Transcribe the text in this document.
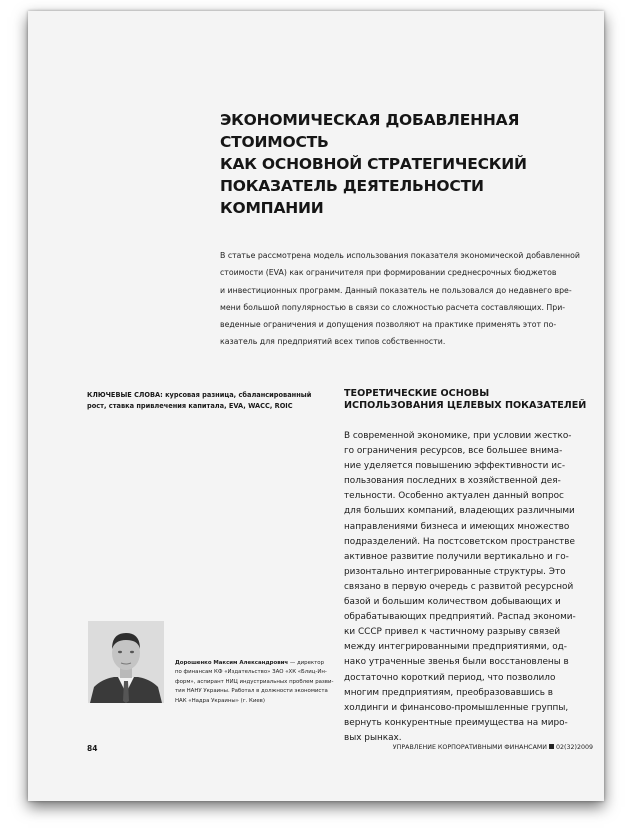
ЭКОНОМИЧЕСКАЯ ДОБАВЛЕННАЯ СТОИМОСТЬ
КАК ОСНОВНОЙ СТРАТЕГИЧЕСКИЙ
ПОКАЗАТЕЛЬ ДЕЯТЕЛЬНОСТИ КОМПАНИИ

В статье рассмотрена модель использования показателя экономической добавленной
стоимости (EVA) как ограничителя при формировании среднесрочных бюджетов
и инвестиционных программ. Данный показатель не пользовался до недавнего вре-
мени большой популярностью в связи со сложностью расчета составляющих. При-
веденные ограничения и допущения позволяют на практике применять этот по-
казатель для предприятий всех типов собственности.

КЛЮЧЕВЫЕ СЛОВА: курсовая разница, сбалансированный
рост, ставка привлечения капитала, EVA, WACC, ROIC

ТЕОРЕТИЧЕСКИЕ ОСНОВЫ
ИСПОЛЬЗОВАНИЯ ЦЕЛЕВЫХ ПОКАЗАТЕЛЕЙ

В современной экономике, при условии жестко-
го ограничения ресурсов, все большее внима-
ние уделяется повышению эффективности ис-
пользования последних в хозяйственной дея-
тельности. Особенно актуален данный вопрос
для больших компаний, владеющих различными
направлениями бизнеса и имеющих множество
подразделений. На постсоветском пространстве
активное развитие получили вертикально и го-
ризонтально интегрированные структуры. Это
связано в первую очередь с развитой ресурсной
базой и большим количеством добывающих и
обрабатывающих предприятий. Распад экономи-
ки СССР привел к частичному разрыву связей
между интегрированными предприятиями, од-
нако утраченные звенья были восстановлены в
достаточно короткий период, что позволило
многим предприятиям, преобразовавшись в
холдинги и финансово-промышленные группы,
вернуть конкурентные преимущества на миро-
вых рынках.

Дорошенко Максим Александрович — директор
по финансам КФ «Издательство» ЗАО «ХК «Блиц-Ин-
форм», аспирант НИЦ индустриальных проблем разви-
тия НАНУ Украины. Работал в должности экономиста
НАК «Надра Украины» (г. Киев)

84	УПРАВЛЕНИЕ КОРПОРАТИВНЫМИ ФИНАНСАМИ 02(32)2009
